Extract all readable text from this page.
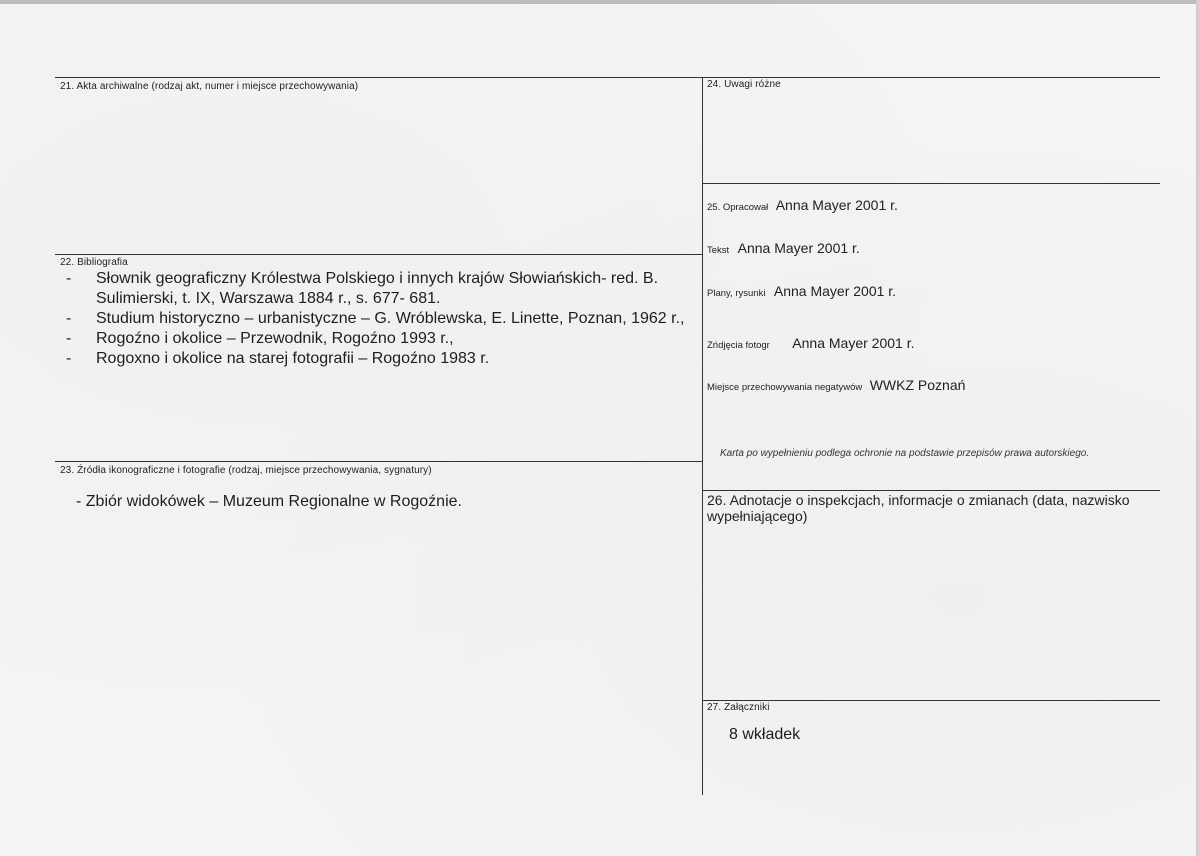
21. Akta archiwalne (rodzaj akt, numer i miejsce przechowywania)
22. Bibliografia
-	Słownik geograficzny Królestwa Polskiego i innych krajów Słowiańskich- red. B. Sulimierski, t. IX, Warszawa 1884 r., s. 677- 681.
-	Studium historyczno – urbanistyczne – G. Wróblewska, E. Linette, Poznan, 1962 r.,
-	Rogoźno i okolice – Przewodnik, Rogoźno 1993 r.,
-	Rogoxno i okolice na starej fotografii – Rogoźno 1983 r.
23. Źródła ikonograficzne i fotografie (rodzaj, miejsce przechowywania, sygnatury)
- Zbiór widokówek – Muzeum Regionalne w Rogoźnie.
24. Uwagi różne
25. Opracował Anna Mayer 2001 r.
Tekst Anna Mayer 2001 r.
Plany, rysunki Anna Mayer 2001 r.
Zńdjęcia fotogr Anna Mayer 2001 r.
Miejsce przechowywania negatywów WWKZ Poznań
Karta po wypełnieniu podlega ochronie na podstawie przepisów prawa autorskiego.
26. Adnotacje o inspekcjach, informacje o zmianach (data, nazwisko wypełniającego)
27. Załączniki
8 wkładek
